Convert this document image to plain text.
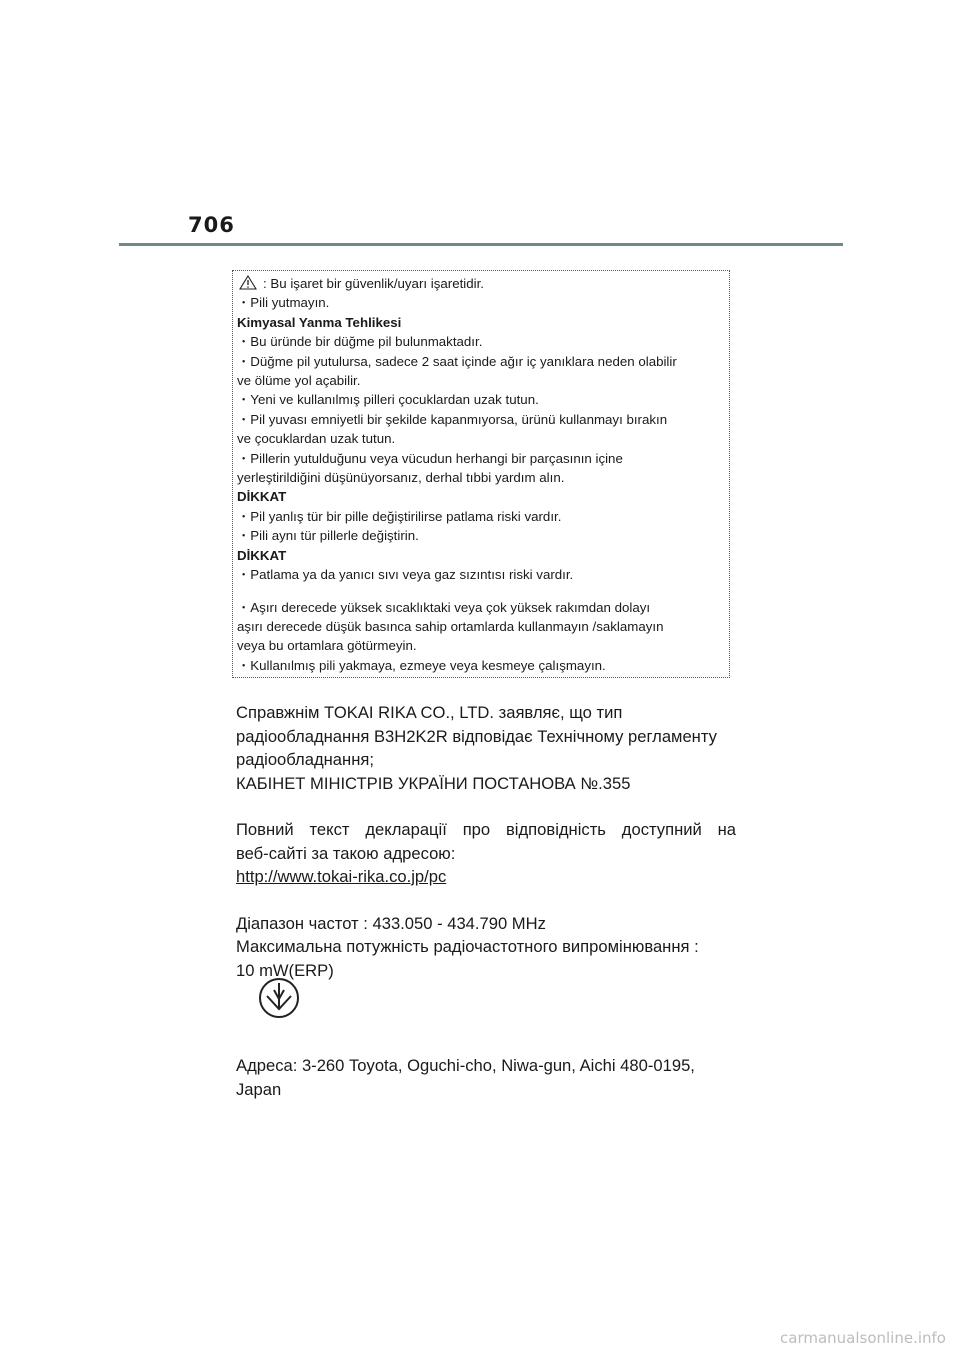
706
: Bu işaret bir güvenlik/uyarı işaretidir.
・Pili yutmayın.
Kimyasal Yanma Tehlikesi
・Bu üründe bir düğme pil bulunmaktadır.
・Düğme pil yutulursa, sadece 2 saat içinde ağır iç yanıklara neden olabilir
ve ölüme yol açabilir.
・Yeni ve kullanılmış pilleri çocuklardan uzak tutun.
・Pil yuvası emniyetli bir şekilde kapanmıyorsa, ürünü kullanmayı bırakın
ve çocuklardan uzak tutun.
・Pillerin yutulduğunu veya vücudun herhangi bir parçasının içine
yerleştirildiğini düşünüyorsanız, derhal tıbbi yardım alın.
DİKKAT
・Pil yanlış tür bir pille değiştirilirse patlama riski vardır.
・Pili aynı tür pillerle değiştirin.
DİKKAT
・Patlama ya da yanıcı sıvı veya gaz sızıntısı riski vardır.
・Aşırı derecede yüksek sıcaklıktaki veya çok yüksek rakımdan dolayı
aşırı derecede düşük basınca sahip ortamlarda kullanmayın /saklamayın
veya bu ortamlara götürmeyin.
・Kullanılmış pili yakmaya, ezmeye veya kesmeye çalışmayın.

Справжнім TOKAI RIKA CO., LTD. заявляє, що тип

радіообладнання B3H2K2R відповідає Технічному регламенту

радіообладнання;

КАБІНЕТ МІНІСТРІВ УКРАЇНИ ПОСТАНОВА №.355

Повний текст декларації про відповідність доступний на

веб-сайті за такою адресою:

http://www.tokai-rika.co.jp/pc

Діапазон частот : 433.050 - 434.790 MHz

Максимальна потужність радіочастотного випромінювання :

10 mW(ERP)

Адреса: 3-260 Toyota, Oguchi-cho, Niwa-gun, Aichi 480-0195,

Japan

carmanualsonline.info
